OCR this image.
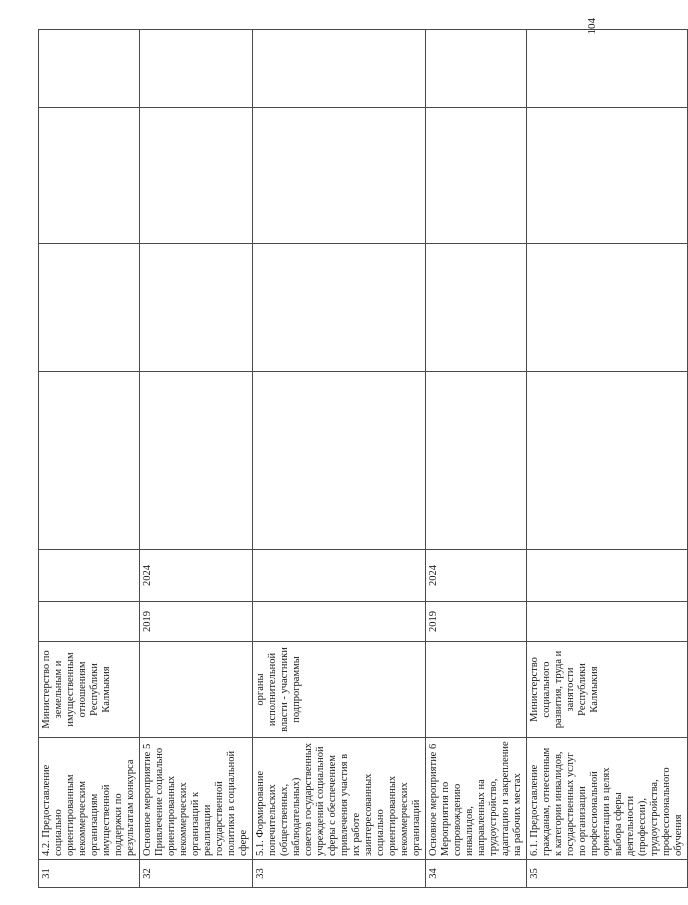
104
31	4.2. Предоставление социально ориентированным некоммерческим организациям имущественной поддержки по результатам конкурса	Министерство по земельным и имущественным отношениям Республики Калмыкия						
32	Основное мероприятие 5 Привлечение социально ориентированных некоммерческих организаций к реализации государственной политики в социальной сфере		2019	2024				
33	5.1. Формирование попечительских (общественных, наблюдательных) советов государственных учреждений социальной сферы с обеспечением привлечения участия в их работе заинтересованных социально ориентированных некоммерческих организаций	органы исполнительной власти - участники подпрограммы						
34	Основное мероприятие 6 Мероприятия по сопровождению инвалидов, направленных на трудоустройство, адаптацию и закрепление на рабочих местах		2019	2024				
35	6.1. Предоставление гражданам, отнесенным к категории инвалидов, государственных услуг по организации профессиональной ориентации в целях выбора сферы деятельности (профессии), трудоустройства, профессионального обучения	Министерство социального развития, труда и занятости Республики Калмыкия						
